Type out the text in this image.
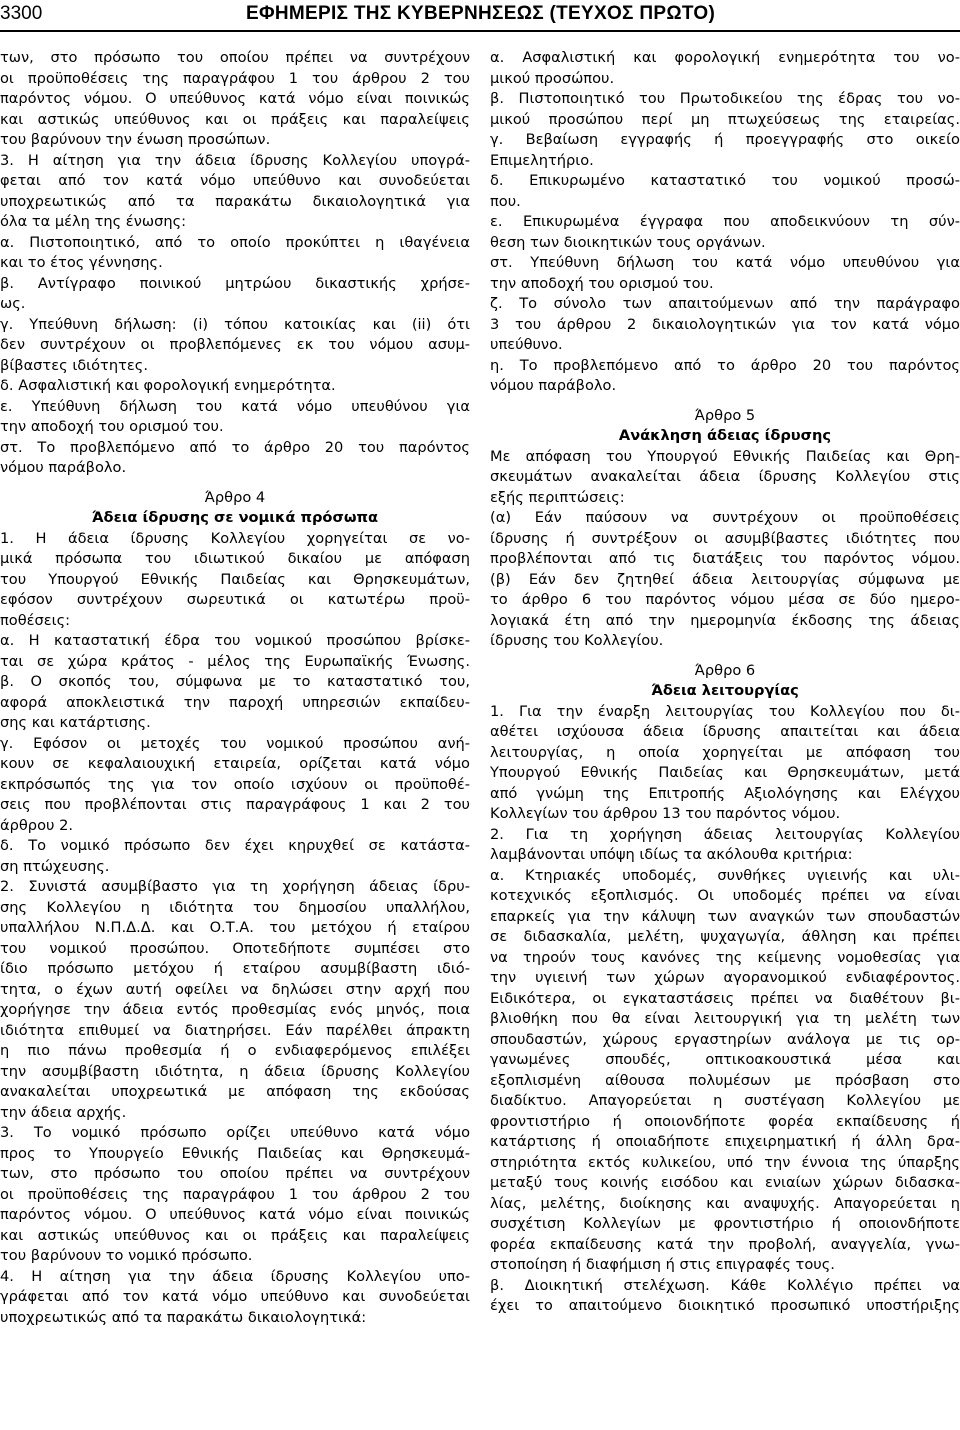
3300	ΕΦΗΜΕΡΙΣ ΤΗΣ ΚΥΒΕΡΝΗΣΕΩΣ (ΤΕΥΧΟΣ ΠΡΩΤΟ)
των, στο πρόσωπο του οποίου πρέπει να συντρέχουν
οι προϋποθέσεις της παραγράφου 1 του άρθρου 2 του
παρόντος νόμου. Ο υπεύθυνος κατά νόμο είναι ποινικώς
και αστικώς υπεύθυνος και οι πράξεις και παραλείψεις
του βαρύνουν την ένωση προσώπων.
3. Η αίτηση για την άδεια ίδρυσης Κολλεγίου υπογρά-
φεται από τον κατά νόμο υπεύθυνο και συνοδεύεται
υποχρεωτικώς από τα παρακάτω δικαιολογητικά για
όλα τα μέλη της ένωσης:
α. Πιστοποιητικό, από το οποίο προκύπτει η ιθαγένεια
και το έτος γέννησης.
β. Αντίγραφο ποινικού μητρώου δικαστικής χρήσε-
ως.
γ. Υπεύθυνη δήλωση: (i) τόπου κατοικίας και (ii) ότι
δεν συντρέχουν οι προβλεπόμενες εκ του νόμου ασυμ-
βίβαστες ιδιότητες.
δ. Ασφαλιστική και φορολογική ενημερότητα.
ε. Υπεύθυνη δήλωση του κατά νόμο υπευθύνου για
την αποδοχή του ορισμού του.
στ. Το προβλεπόμενο από το άρθρο 20 του παρόντος
νόμου παράβολο.
Άρθρο 4
Άδεια ίδρυσης σε νομικά πρόσωπα
1. Η άδεια ίδρυσης Κολλεγίου χορηγείται σε νο-
μικά πρόσωπα του ιδιωτικού δικαίου με απόφαση
του Υπουργού Εθνικής Παιδείας και Θρησκευμάτων,
εφόσον συντρέχουν σωρευτικά οι κατωτέρω προϋ-
ποθέσεις:
α. Η καταστατική έδρα του νομικού προσώπου βρίσκε-
ται σε χώρα κράτος - μέλος της Ευρωπαϊκής Ένωσης.
β. Ο σκοπός του, σύμφωνα με το καταστατικό του,
αφορά αποκλειστικά την παροχή υπηρεσιών εκπαίδευ-
σης και κατάρτισης.
γ. Εφόσον οι μετοχές του νομικού προσώπου ανή-
κουν σε κεφαλαιουχική εταιρεία, ορίζεται κατά νόμο
εκπρόσωπός της για τον οποίο ισχύουν οι προϋποθέ-
σεις που προβλέπονται στις παραγράφους 1 και 2 του
άρθρου 2.
δ. Το νομικό πρόσωπο δεν έχει κηρυχθεί σε κατάστα-
ση πτώχευσης.
2. Συνιστά ασυμβίβαστο για τη χορήγηση άδειας ίδρυ-
σης Κολλεγίου η ιδιότητα του δημοσίου υπαλλήλου,
υπαλλήλου Ν.Π.Δ.Δ. και Ο.Τ.Α. του μετόχου ή εταίρου
του νομικού προσώπου. Οποτεδήποτε συμπέσει στο
ίδιο πρόσωπο μετόχου ή εταίρου ασυμβίβαστη ιδιό-
τητα, ο έχων αυτή οφείλει να δηλώσει στην αρχή που
χορήγησε την άδεια εντός προθεσμίας ενός μηνός, ποια
ιδιότητα επιθυμεί να διατηρήσει. Εάν παρέλθει άπρακτη
η πιο πάνω προθεσμία ή ο ενδιαφερόμενος επιλέξει
την ασυμβίβαστη ιδιότητα, η άδεια ίδρυσης Κολλεγίου
ανακαλείται υποχρεωτικά με απόφαση της εκδούσας
την άδεια αρχής.
3. Το νομικό πρόσωπο ορίζει υπεύθυνο κατά νόμο
προς το Υπουργείο Εθνικής Παιδείας και Θρησκευμά-
των, στο πρόσωπο του οποίου πρέπει να συντρέχουν
οι προϋποθέσεις της παραγράφου 1 του άρθρου 2 του
παρόντος νόμου. Ο υπεύθυνος κατά νόμο είναι ποινικώς
και αστικώς υπεύθυνος και οι πράξεις και παραλείψεις
του βαρύνουν το νομικό πρόσωπο.
4. Η αίτηση για την άδεια ίδρυσης Κολλεγίου υπο-
γράφεται από τον κατά νόμο υπεύθυνο και συνοδεύεται
υποχρεωτικώς από τα παρακάτω δικαιολογητικά:
α. Ασφαλιστική και φορολογική ενημερότητα του νο-
μικού προσώπου.
β. Πιστοποιητικό του Πρωτοδικείου της έδρας του νο-
μικού προσώπου περί μη πτωχεύσεως της εταιρείας.
γ. Βεβαίωση εγγραφής ή προεγγραφής στο οικείο
Επιμελητήριο.
δ. Επικυρωμένο καταστατικό του νομικού προσώ-
που.
ε. Επικυρωμένα έγγραφα που αποδεικνύουν τη σύν-
θεση των διοικητικών τους οργάνων.
στ. Υπεύθυνη δήλωση του κατά νόμο υπευθύνου για
την αποδοχή του ορισμού του.
ζ. Το σύνολο των απαιτούμενων από την παράγραφο
3 του άρθρου 2 δικαιολογητικών για τον κατά νόμο
υπεύθυνο.
η. Το προβλεπόμενο από το άρθρο 20 του παρόντος
νόμου παράβολο.
Άρθρο 5
Ανάκληση άδειας ίδρυσης
Με απόφαση του Υπουργού Εθνικής Παιδείας και Θρη-
σκευμάτων ανακαλείται άδεια ίδρυσης Κολλεγίου στις
εξής περιπτώσεις:
(α) Εάν παύσουν να συντρέχουν οι προϋποθέσεις
ίδρυσης ή συντρέξουν οι ασυμβίβαστες ιδιότητες που
προβλέπονται από τις διατάξεις του παρόντος νόμου.
(β) Εάν δεν ζητηθεί άδεια λειτουργίας σύμφωνα με
το άρθρο 6 του παρόντος νόμου μέσα σε δύο ημερο-
λογιακά έτη από την ημερομηνία έκδοσης της άδειας
ίδρυσης του Κολλεγίου.
Άρθρο 6
Άδεια λειτουργίας
1. Για την έναρξη λειτουργίας του Κολλεγίου που δι-
αθέτει ισχύουσα άδεια ίδρυσης απαιτείται και άδεια
λειτουργίας, η οποία χορηγείται με απόφαση του
Υπουργού Εθνικής Παιδείας και Θρησκευμάτων, μετά
από γνώμη της Επιτροπής Αξιολόγησης και Ελέγχου
Κολλεγίων του άρθρου 13 του παρόντος νόμου.
2. Για τη χορήγηση άδειας λειτουργίας Κολλεγίου
λαμβάνονται υπόψη ιδίως τα ακόλουθα κριτήρια:
α. Κτηριακές υποδομές, συνθήκες υγιεινής και υλι-
κοτεχνικός εξοπλισμός. Οι υποδομές πρέπει να είναι
επαρκείς για την κάλυψη των αναγκών των σπουδαστών
σε διδασκαλία, μελέτη, ψυχαγωγία, άθληση και πρέπει
να τηρούν τους κανόνες της κείμενης νομοθεσίας για
την υγιεινή των χώρων αγορανομικού ενδιαφέροντος.
Ειδικότερα, οι εγκαταστάσεις πρέπει να διαθέτουν βι-
βλιοθήκη που θα είναι λειτουργική για τη μελέτη των
σπουδαστών, χώρους εργαστηρίων ανάλογα με τις ορ-
γανωμένες σπουδές, οπτικοακουστικά μέσα και
εξοπλισμένη αίθουσα πολυμέσων με πρόσβαση στο
διαδίκτυο. Απαγορεύεται η συστέγαση Κολλεγίου με
φροντιστήριο ή οποιονδήποτε φορέα εκπαίδευσης ή
κατάρτισης ή οποιαδήποτε επιχειρηματική ή άλλη δρα-
στηριότητα εκτός κυλικείου, υπό την έννοια της ύπαρξης
μεταξύ τους κοινής εισόδου και ενιαίων χώρων διδασκα-
λίας, μελέτης, διοίκησης και αναψυχής. Απαγορεύεται η
συσχέτιση Κολλεγίων με φροντιστήριο ή οποιονδήποτε
φορέα εκπαίδευσης κατά την προβολή, αναγγελία, γνω-
στοποίηση ή διαφήμιση ή στις επιγραφές τους.
β. Διοικητική στελέχωση. Κάθε Κολλέγιο πρέπει να
έχει το απαιτούμενο διοικητικό προσωπικό υποστήριξης
